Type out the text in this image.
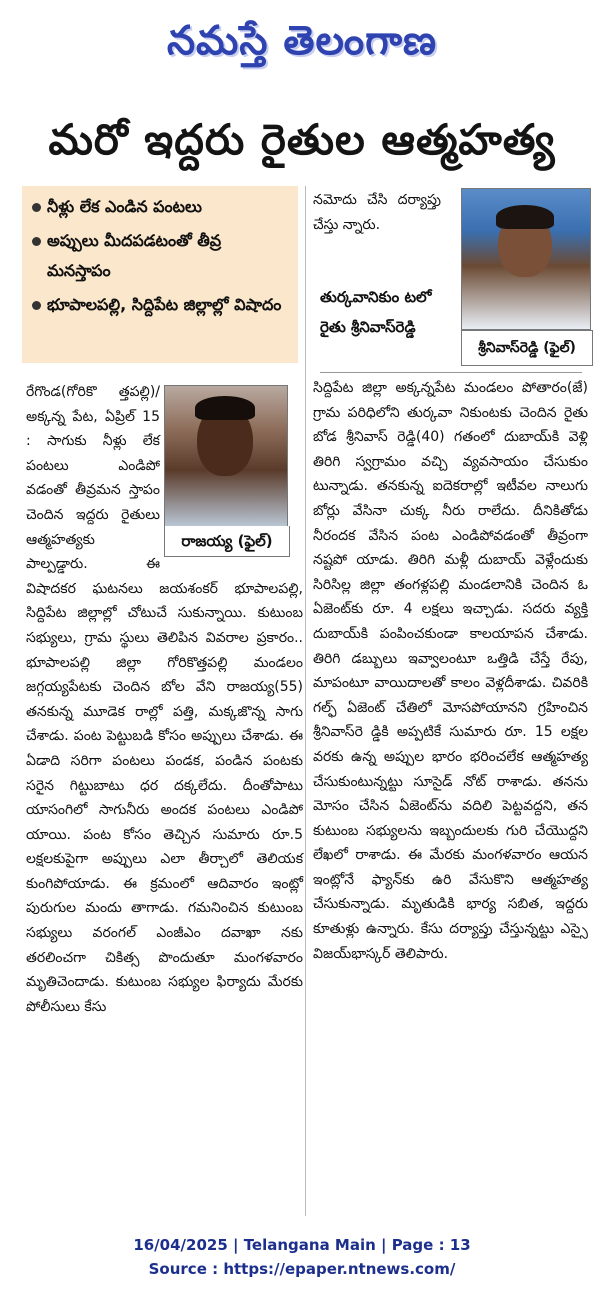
నమస్తే తెలంగాణ
మరో ఇద్దరు రైతుల ఆత్మహత్య
నీళ్లు లేక ఎండిన పంటలు
అప్పులు మీదపడటంతో తీవ్ర మనస్తాపం
భూపాలపల్లి, సిద్దిపేట జిల్లాల్లో విషాదం
నమోదు చేసి దర్యాప్తు చేస్తు న్నారు.
తుర్కవానికుం టలో రైతు శ్రీనివాస్‌రెడ్డి
శ్రీనివాస్‌రెడ్డి (ఫైల్)
రాజయ్య (ఫైల్)

రేగొండ(గోరికొ త్తపల్లి)/అక్కన్న పేట, ఏప్రిల్‌ 15 : సాగుకు నీళ్లు లేక పంటలు ఎండిపో వడంతో తీవ్రమన స్తాపం చెందిన ఇద్దరు రైతులు ఆత్మహత్యకు పాల్పడ్డారు. ఈ విషాదకర ఘటనలు జయశంకర్‌ భూపాలపల్లి, సిద్దిపేట జిల్లాల్లో చోటుచే సుకున్నాయి. కుటుంబ సభ్యులు, గ్రామ స్థులు తెలిపిన వివరాల ప్రకారం.. భూపాలపల్లి జిల్లా గోరికొత్తపల్లి మండలం జగ్గయ్యపేటకు చెందిన బోల వేని రాజయ్య(55) తనకున్న మూడెక రాల్లో పత్తి, మక్కజొన్న సాగు చేశాడు. పంట పెట్టుబడి కోసం అప్పులు చేశాడు. ఈ ఏడాది సరిగా పంటలు పండక, పండిన పంటకు సరైన గిట్టుబాటు ధర దక్కలేదు. దీంతోపాటు యాసంగిలో సాగునీరు అందక పంటలు ఎండిపో యాయి. పంట కోసం తెచ్చిన సుమారు రూ.5 లక్షలకుపైగా అప్పులు ఎలా తీర్చాలో తెలియక కుంగిపోయాడు. ఈ క్రమంలో ఆదివారం ఇంట్లో పురుగుల మందు తాగాడు. గమనించిన కుటుంబ సభ్యులు వరంగల్‌ ఎంజీఎం దవాఖా నకు తరలించగా చికిత్స పొందుతూ మంగళవారం మృతిచెందాడు. కుటుంబ సభ్యుల ఫిర్యాదు మేరకు పోలీసులు కేసు

సిద్దిపేట జిల్లా అక్కన్నపేట మండలం పోతారం(జే) గ్రామ పరిధిలోని తుర్కవా నికుంటకు చెందిన రైతు బోడ శ్రీనివాస్‌ రెడ్డి(40) గతంలో దుబాయ్‌కి వెళ్లి తిరిగి స్వగ్రామం వచ్చి వ్యవసాయం చేసుకుం టున్నాడు. తనకున్న ఐదెకరాల్లో ఇటీవల నాలుగు బోర్లు వేసినా చుక్క నీరు రాలేదు. దీనికితోడు నీరందక వేసిన పంట ఎండిపోవడంతో తీవ్రంగా నష్టపో యాడు. తిరిగి మళ్లీ దుబాయ్‌ వెళ్లేందుకు సిరిసిల్ల జిల్లా తంగళ్లపల్లి మండలానికి చెందిన ఓ ఏజెంట్‌కు రూ. 4 లక్షలు ఇచ్చాడు. సదరు వ్యక్తి దుబాయ్‌కి పంపించకుండా కాలయాపన చేశాడు. తిరిగి డబ్బులు ఇవ్వాలంటూ ఒత్తిడి చేస్తే రేపు, మాపంటూ వాయిదాలతో కాలం వెళ్లదీశాడు. చివరికి గల్ఫ్‌ ఏజెంట్‌ చేతిలో మోసపోయానని గ్రహించిన శ్రీనివాస్‌రె డ్డికి అప్పటికే సుమారు రూ. 15 లక్షల వరకు ఉన్న అప్పుల భారం భరించలేక ఆత్మహత్య చేసుకుంటున్నట్టు సూసైడ్‌ నోట్‌ రాశాడు. తనను మోసం చేసిన ఏజెంట్‌ను వదిలి పెట్టవద్దని, తన కుటుంబ సభ్యులను ఇబ్బందులకు గురి చేయొద్దని లేఖలో రాశాడు. ఈ మేరకు మంగళవారం ఆయన ఇంట్లోనే ఫ్యాన్‌కు ఉరి వేసుకొని ఆత్మహత్య చేసుకున్నాడు. మృతుడికి భార్య సబిత, ఇద్దరు కూతుళ్లు ఉన్నారు. కేసు దర్యాప్తు చేస్తున్నట్టు ఎస్సై విజయ్‌భాస్కర్‌ తెలిపారు.

16/04/2025 | Telangana Main | Page : 13
Source : https://epaper.ntnews.com/
